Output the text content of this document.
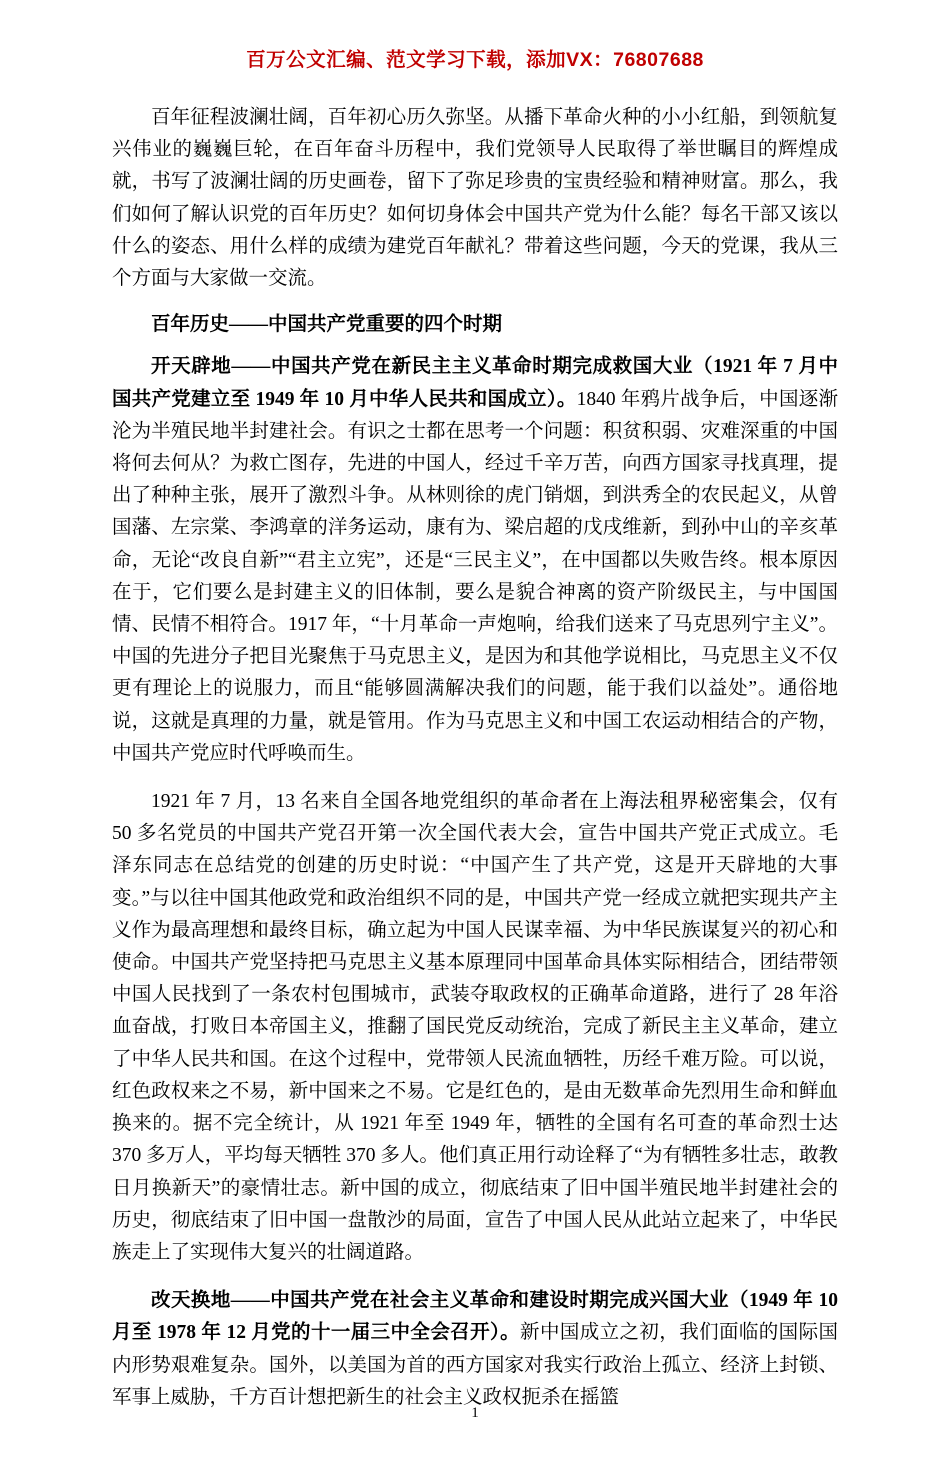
百万公文汇编、范文学习下载，添加VX：76807688

百年征程波澜壮阔，百年初心历久弥坚。从播下革命火种的小小红船，到领航复兴伟业的巍巍巨轮，在百年奋斗历程中，我们党领导人民取得了举世瞩目的辉煌成就，书写了波澜壮阔的历史画卷，留下了弥足珍贵的宝贵经验和精神财富。那么，我们如何了解认识党的百年历史？如何切身体会中国共产党为什么能？每名干部又该以什么的姿态、用什么样的成绩为建党百年献礼？带着这些问题，今天的党课，我从三个方面与大家做一交流。

百年历史——中国共产党重要的四个时期

开天辟地——中国共产党在新民主主义革命时期完成救国大业（1921 年 7 月中国共产党建立至 1949 年 10 月中华人民共和国成立）。1840 年鸦片战争后，中国逐渐沦为半殖民地半封建社会。有识之士都在思考一个问题：积贫积弱、灾难深重的中国将何去何从？为救亡图存，先进的中国人，经过千辛万苦，向西方国家寻找真理，提出了种种主张，展开了激烈斗争。从林则徐的虎门销烟，到洪秀全的农民起义，从曾国藩、左宗棠、李鸿章的洋务运动，康有为、梁启超的戊戌维新，到孙中山的辛亥革命，无论“改良自新”“君主立宪”，还是“三民主义”，在中国都以失败告终。根本原因在于，它们要么是封建主义的旧体制，要么是貌合神离的资产阶级民主，与中国国情、民情不相符合。1917 年，“十月革命一声炮响，给我们送来了马克思列宁主义”。中国的先进分子把目光聚焦于马克思主义，是因为和其他学说相比，马克思主义不仅更有理论上的说服力，而且“能够圆满解决我们的问题，能于我们以益处”。通俗地说，这就是真理的力量，就是管用。作为马克思主义和中国工农运动相结合的产物，中国共产党应时代呼唤而生。

1921 年 7 月，13 名来自全国各地党组织的革命者在上海法租界秘密集会，仅有 50 多名党员的中国共产党召开第一次全国代表大会，宣告中国共产党正式成立。毛泽东同志在总结党的创建的历史时说：“中国产生了共产党，这是开天辟地的大事变。”与以往中国其他政党和政治组织不同的是，中国共产党一经成立就把实现共产主义作为最高理想和最终目标，确立起为中国人民谋幸福、为中华民族谋复兴的初心和使命。中国共产党坚持把马克思主义基本原理同中国革命具体实际相结合，团结带领中国人民找到了一条农村包围城市，武装夺取政权的正确革命道路，进行了 28 年浴血奋战，打败日本帝国主义，推翻了国民党反动统治，完成了新民主主义革命，建立了中华人民共和国。在这个过程中，党带领人民流血牺牲，历经千难万险。可以说，红色政权来之不易，新中国来之不易。它是红色的，是由无数革命先烈用生命和鲜血换来的。据不完全统计，从 1921 年至 1949 年，牺牲的全国有名可查的革命烈士达 370 多万人，平均每天牺牲 370 多人。他们真正用行动诠释了“为有牺牲多壮志，敢教日月换新天”的豪情壮志。新中国的成立，彻底结束了旧中国半殖民地半封建社会的历史，彻底结束了旧中国一盘散沙的局面，宣告了中国人民从此站立起来了，中华民族走上了实现伟大复兴的壮阔道路。

改天换地——中国共产党在社会主义革命和建设时期完成兴国大业（1949 年 10 月至 1978 年 12 月党的十一届三中全会召开）。新中国成立之初，我们面临的国际国内形势艰难复杂。国外，以美国为首的西方国家对我实行政治上孤立、经济上封锁、军事上威胁，千方百计想把新生的社会主义政权扼杀在摇篮

1
